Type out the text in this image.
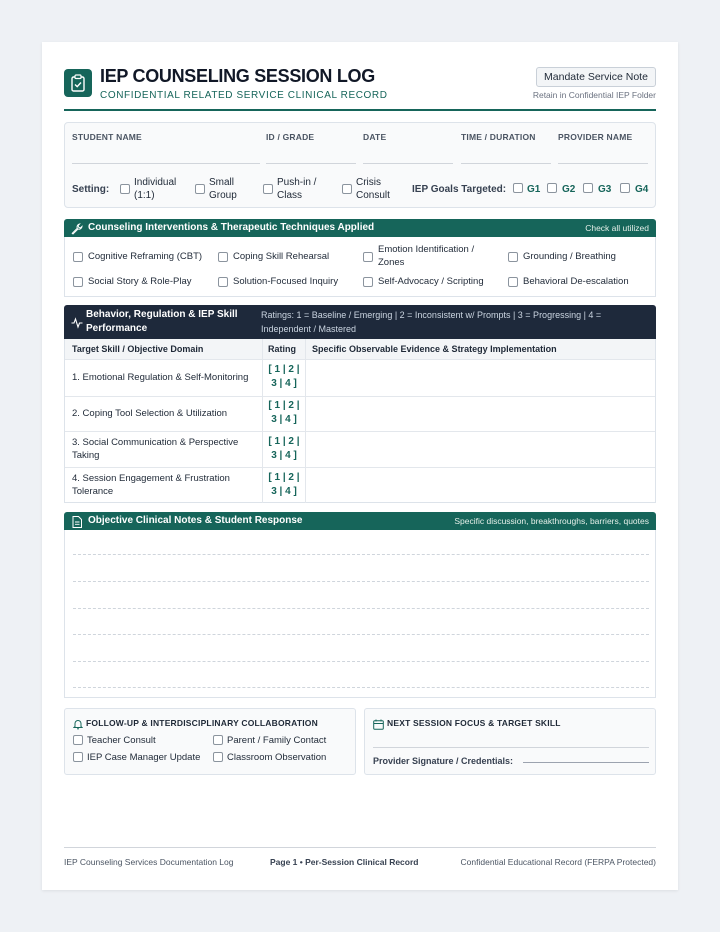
IEP COUNSELING SESSION LOG
CONFIDENTIAL RELATED SERVICE CLINICAL RECORD
Mandate Service Note
Retain in Confidential IEP Folder
STUDENT NAME	ID / GRADE	DATE	TIME / DURATION	PROVIDER NAME
Setting:
Individual (1:1)
Small Group
Push-in / Class
Crisis Consult
IEP Goals Targeted: G1 G2 G3 G4
Counseling Interventions & Therapeutic Techniques Applied	Check all utilized
Cognitive Reframing (CBT)	Coping Skill Rehearsal
Emotion Identification / Zones
Grounding / Breathing
Social Story & Role-Play	Solution-Focused Inquiry	Self-Advocacy / Scripting	Behavioral De-escalation
Behavior, Regulation & IEP Skill Performance
Ratings: 1 = Baseline / Emerging | 2 = Inconsistent w/ Prompts | 3 = Progressing | 4 = Independent / Mastered
Target Skill / Objective Domain	Rating Specific Observable Evidence & Strategy Implementation
1. Emotional Regulation & Self-Monitoring
[ 1 | 2 |
3 | 4 ]
2. Coping Tool Selection & Utilization
[ 1 | 2 |
3 | 4 ]
3. Social Communication & Perspective Taking
[ 1 | 2 |
3 | 4 ]
4. Session Engagement & Frustration Tolerance
[ 1 | 2 |
3 | 4 ]
Objective Clinical Notes & Student Response	Specific discussion, breakthroughs, barriers, quotes
FOLLOW-UP & INTERDISCIPLINARY COLLABORATION
Teacher Consult	Parent / Family Contact
IEP Case Manager Update	Classroom Observation
NEXT SESSION FOCUS & TARGET SKILL
Provider Signature / Credentials:
IEP Counseling Services Documentation Log	Page 1 • Per-Session Clinical Record	Confidential Educational Record (FERPA Protected)
